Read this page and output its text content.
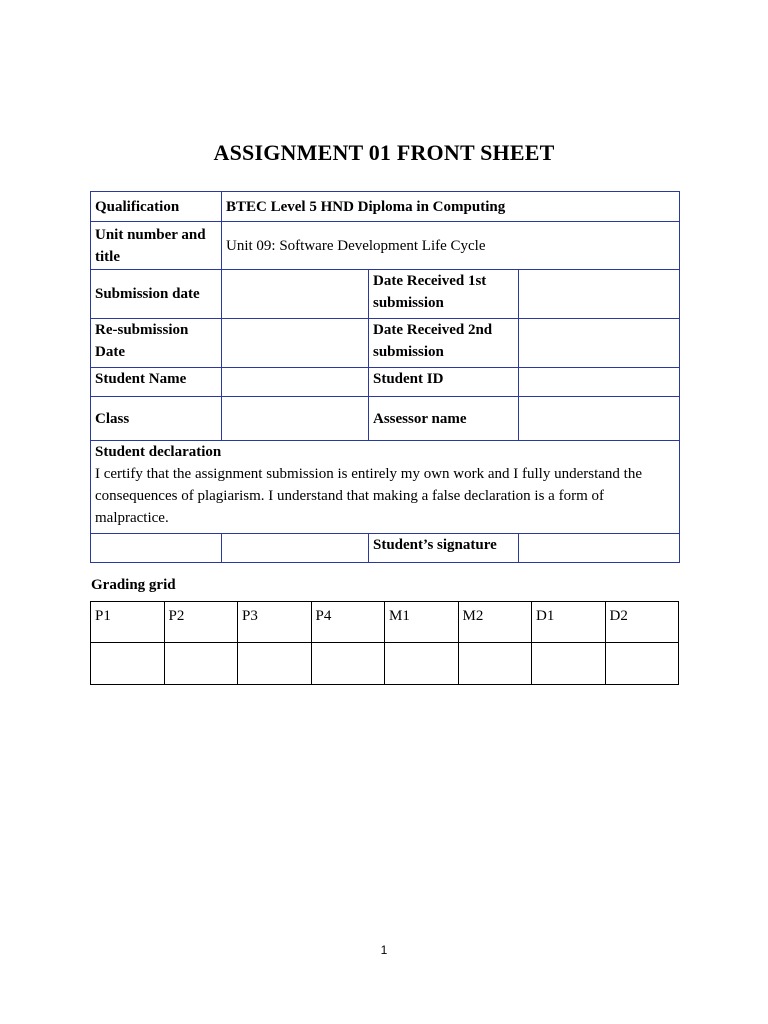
ASSIGNMENT 01 FRONT SHEET
Qualification	BTEC Level 5 HND Diploma in Computing		
Unit number and title	Unit 09: Software Development Life Cycle		
Submission date		Date Received 1st submission	
Re-submission Date		Date Received 2nd submission	
Student Name		Student ID	
Class		Assessor name	

Student declaration
I certify that the assignment submission is entirely my own work and I fully understand the consequences of plagiarism. I understand that making a false declaration is a form of malpractice.			

		Student’s signature	
Grading grid
P1	P2	P3	P4	M1	M2	D1	D2

1
